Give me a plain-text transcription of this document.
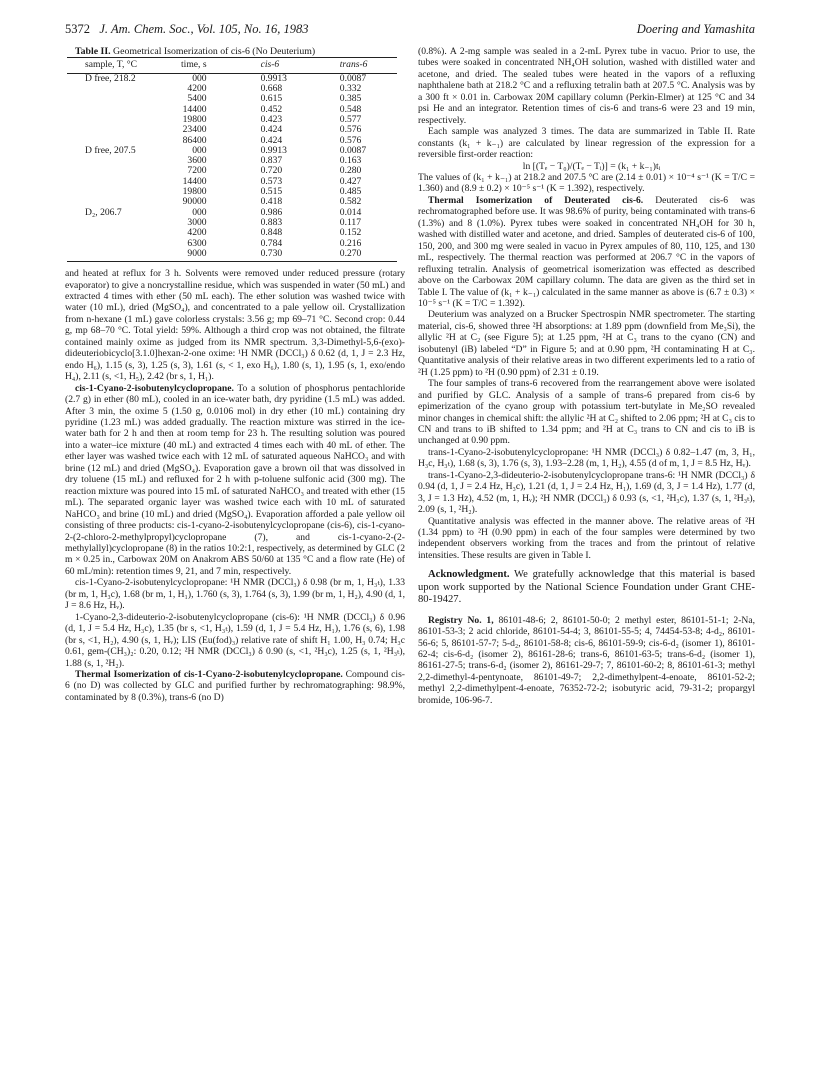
5372 J. Am. Chem. Soc., Vol. 105, No. 16, 1983	Doering and Yamashita

Table II. Geometrical Isomerization of cis-6 (No Deuterium)

sample, T, °C	time, s	cis-6	trans-6
D free, 218.2	000	0.9913	0.0087
	4200	0.668	0.332
	5400	0.615	0.385
	14400	0.452	0.548
	19800	0.423	0.577
	23400	0.424	0.576
	86400	0.424	0.576
D free, 207.5	000	0.9913	0.0087
	3600	0.837	0.163
	7200	0.720	0.280
	14400	0.573	0.427
	19800	0.515	0.485
	90000	0.418	0.582
D₂, 206.7	000	0.986	0.014
	3000	0.883	0.117
	4200	0.848	0.152
	6300	0.784	0.216
	9000	0.730	0.270

and heated at reflux for 3 h. Solvents were removed under reduced pressure (rotary evaporator) to give a noncrystalline residue, which was suspended in water (50 mL) and extracted 4 times with ether (50 mL each). The ether solution was washed twice with water (10 mL), dried (MgSO₄), and concentrated to a pale yellow oil. Crystallization from n-hexane (1 mL) gave colorless crystals: 3.56 g; mp 69–71 °C. Second crop: 0.44 g, mp 68–70 °C. Total yield: 59%. Although a third crop was not obtained, the filtrate contained mainly oxime as judged from its NMR spectrum. 3,3-Dimethyl-5,6-(exo)-dideuteriobicyclo[3.1.0]hexan-2-one oxime: ¹H NMR (DCCl₃) δ 0.62 (d, 1, J = 2.3 Hz, endo H₆), 1.15 (s, 3), 1.25 (s, 3), 1.61 (s, < 1, exo H₆), 1.80 (s, 1), 1.95 (s, 1, exo/endo H₄), 2.11 (s, <1, H₅), 2.42 (br s, 1, H₁).

cis-1-Cyano-2-isobutenylcyclopropane. To a solution of phosphorus pentachloride (2.7 g) in ether (80 mL), cooled in an ice-water bath, dry pyridine (1.5 mL) was added. After 3 min, the oxime 5 (1.50 g, 0.0106 mol) in dry ether (10 mL) containing dry pyridine (1.23 mL) was added gradually. The reaction mixture was stirred in the ice-water bath for 2 h and then at room temp for 23 h. The resulting solution was poured into a water–ice mixture (40 mL) and extracted 4 times each with 40 mL of ether. The ether layer was washed twice each with 12 mL of saturated aqueous NaHCO₃ and with brine (12 mL) and dried (MgSO₄). Evaporation gave a brown oil that was dissolved in dry toluene (15 mL) and refluxed for 2 h with p-toluene sulfonic acid (300 mg). The reaction mixture was poured into 15 mL of saturated NaHCO₃ and treated with ether (15 mL). The separated organic layer was washed twice each with 10 mL of saturated NaHCO₃ and brine (10 mL) and dried (MgSO₄). Evaporation afforded a pale yellow oil consisting of three products: cis-1-cyano-2-isobutenylcyclopropane (cis-6), cis-1-cyano-2-(2-chloro-2-methylpropyl)cyclopropane (7), and cis-1-cyano-2-(2-methylallyl)cyclopropane (8) in the ratios 10:2:1, respectively, as determined by GLC (2 m × 0.25 in., Carbowax 20M on Anakrom ABS 50/60 at 135 °C and a flow rate (He) of 60 mL/min): retention times 9, 21, and 7 min, respectively.

cis-1-Cyano-2-isobutenylcyclopropane: ¹H NMR (DCCl₃) δ 0.98 (br m, 1, H₃ₜ), 1.33 (br m, 1, H₃c), 1.68 (br m, 1, H₁), 1.760 (s, 3), 1.764 (s, 3), 1.99 (br m, 1, H₂), 4.90 (d, 1, J = 8.6 Hz, Hᵥ).

1-Cyano-2,3-dideuterio-2-isobutenylcyclopropane (cis-6): ¹H NMR (DCCl₃) δ 0.96 (d, 1, J = 5.4 Hz, H₃c), 1.35 (br s, <1, H₃ₜ), 1.59 (d, 1, J = 5.4 Hz, H₁), 1.76 (s, 6), 1.98 (br s, <1, H₂), 4.90 (s, 1, Hᵥ); LIS (Eu(fod)₃) relative rate of shift H₁ 1.00, H₃ 0.74; H₃c 0.61, gem-(CH₃)₂: 0.20, 0.12; ²H NMR (DCCl₃) δ 0.90 (s, <1, ²H₃c), 1.25 (s, 1, ²H₃ₜ), 1.88 (s, 1, ²H₂).

Thermal Isomerization of cis-1-Cyano-2-isobutenylcyclopropane. Compound cis-6 (no D) was collected by GLC and purified further by rechromatographing: 98.9%, contaminated by 8 (0.3%), trans-6 (no D)

(0.8%). A 2-mg sample was sealed in a 2-mL Pyrex tube in vacuo. Prior to use, the tubes were soaked in concentrated NH₄OH solution, washed with distilled water and acetone, and dried. The sealed tubes were heated in the vapors of a refluxing naphthalene bath at 218.2 °C and a refluxing tetralin bath at 207.5 °C. Analysis was by a 300 ft × 0.01 in. Carbowax 20M capillary column (Perkin-Elmer) at 125 °C and 34 psi He and an integrator. Retention times of cis-6 and trans-6 were 23 and 19 min, respectively.

Each sample was analyzed 3 times. The data are summarized in Table II. Rate constants (k₁ + k₋₁) are calculated by linear regression of the expression for a reversible first-order reaction:

ln [(Tₑ − T₀)/(Tₑ − Tᵢ)] = (k₁ + k₋₁)tᵢ

The values of (k₁ + k₋₁) at 218.2 and 207.5 °C are (2.14 ± 0.01) × 10⁻⁴ s⁻¹ (K = T/C = 1.360) and (8.9 ± 0.2) × 10⁻⁵ s⁻¹ (K = 1.392), respectively.

Thermal Isomerization of Deuterated cis-6. Deuterated cis-6 was rechromatographed before use. It was 98.6% of purity, being contaminated with trans-6 (1.3%) and 8 (1.0%). Pyrex tubes were soaked in concentrated NH₄OH for 30 h, washed with distilled water and acetone, and dried. Samples of deuterated cis-6 of 100, 150, 200, and 300 mg were sealed in vacuo in Pyrex ampules of 80, 110, 125, and 130 mL, respectively. The thermal reaction was performed at 206.7 °C in the vapors of refluxing tetralin. Analysis of geometrical isomerization was effected as described above on the Carbowax 20M capillary column. The data are given as the third set in Table I. The value of (k₁ + k₋₁) calculated in the same manner as above is (6.7 ± 0.3) × 10⁻⁵ s⁻¹ (K = T/C = 1.392).

Deuterium was analyzed on a Brucker Spectrospin NMR spectrometer. The starting material, cis-6, showed three ²H absorptions: at 1.89 ppm (downfield from Me₃Si), the allylic ²H at C₂ (see Figure 5); at 1.25 ppm, ²H at C₃ trans to the cyano (CN) and isobutenyl (iB) labeled “D” in Figure 5; and at 0.90 ppm, ²H contaminating H at C₃. Quantitative analysis of their relative areas in two different experiments led to a ratio of ²H (1.25 ppm) to ²H (0.90 ppm) of 2.31 ± 0.19.

The four samples of trans-6 recovered from the rearrangement above were isolated and purified by GLC. Analysis of a sample of trans-6 prepared from cis-6 by epimerization of the cyano group with potassium tert-butylate in Me₂SO revealed minor changes in chemical shift: the allylic ²H at C₂ shifted to 2.06 ppm; ²H at C₃ cis to CN and trans to iB shifted to 1.34 ppm; and ²H at C₃ trans to CN and cis to iB is unchanged at 0.90 ppm.

trans-1-Cyano-2-isobutenylcyclopropane: ¹H NMR (DCCl₃) δ 0.82–1.47 (m, 3, H₁, H₃c, H₃ₜ), 1.68 (s, 3), 1.76 (s, 3), 1.93–2.28 (m, 1, H₂), 4.55 (d of m, 1, J = 8.5 Hz, Hᵥ).

trans-1-Cyano-2,3-dideuterio-2-isobutenylcyclopropane trans-6: ¹H NMR (DCCl₃) δ 0.94 (d, 1, J = 2.4 Hz, H₃c), 1.21 (d, 1, J = 2.4 Hz, H₁), 1.69 (d, 3, J = 1.4 Hz), 1.77 (d, 3, J = 1.3 Hz), 4.52 (m, 1, Hᵥ); ²H NMR (DCCl₃) δ 0.93 (s, <1, ²H₃c), 1.37 (s, 1, ²H₃ₜ), 2.09 (s, 1, ²H₂).

Quantitative analysis was effected in the manner above. The relative areas of ²H (1.34 ppm) to ²H (0.90 ppm) in each of the four samples were determined by two independent observers working from the traces and from the printout of relative intensities. These results are given in Table I.

Acknowledgment. We gratefully acknowledge that this material is based upon work supported by the National Science Foundation under Grant CHE-80-19427.

Registry No. 1, 86101-48-6; 2, 86101-50-0; 2 methyl ester, 86101-51-1; 2-Na, 86101-53-3; 2 acid chloride, 86101-54-4; 3, 86101-55-5; 4, 74454-53-8; 4-d₂, 86101-56-6; 5, 86101-57-7; 5-d₂, 86101-58-8; cis-6, 86101-59-9; cis-6-d₂ (isomer 1), 86101-62-4; cis-6-d₂ (isomer 2), 86161-28-6; trans-6, 86101-63-5; trans-6-d₂ (isomer 1), 86161-27-5; trans-6-d₂ (isomer 2), 86161-29-7; 7, 86101-60-2; 8, 86101-61-3; methyl 2,2-dimethyl-4-pentynoate, 86101-49-7; 2,2-dimethylpent-4-enoate, 86101-52-2; methyl 2,2-dimethylpent-4-enoate, 76352-72-2; isobutyric acid, 79-31-2; propargyl bromide, 106-96-7.
